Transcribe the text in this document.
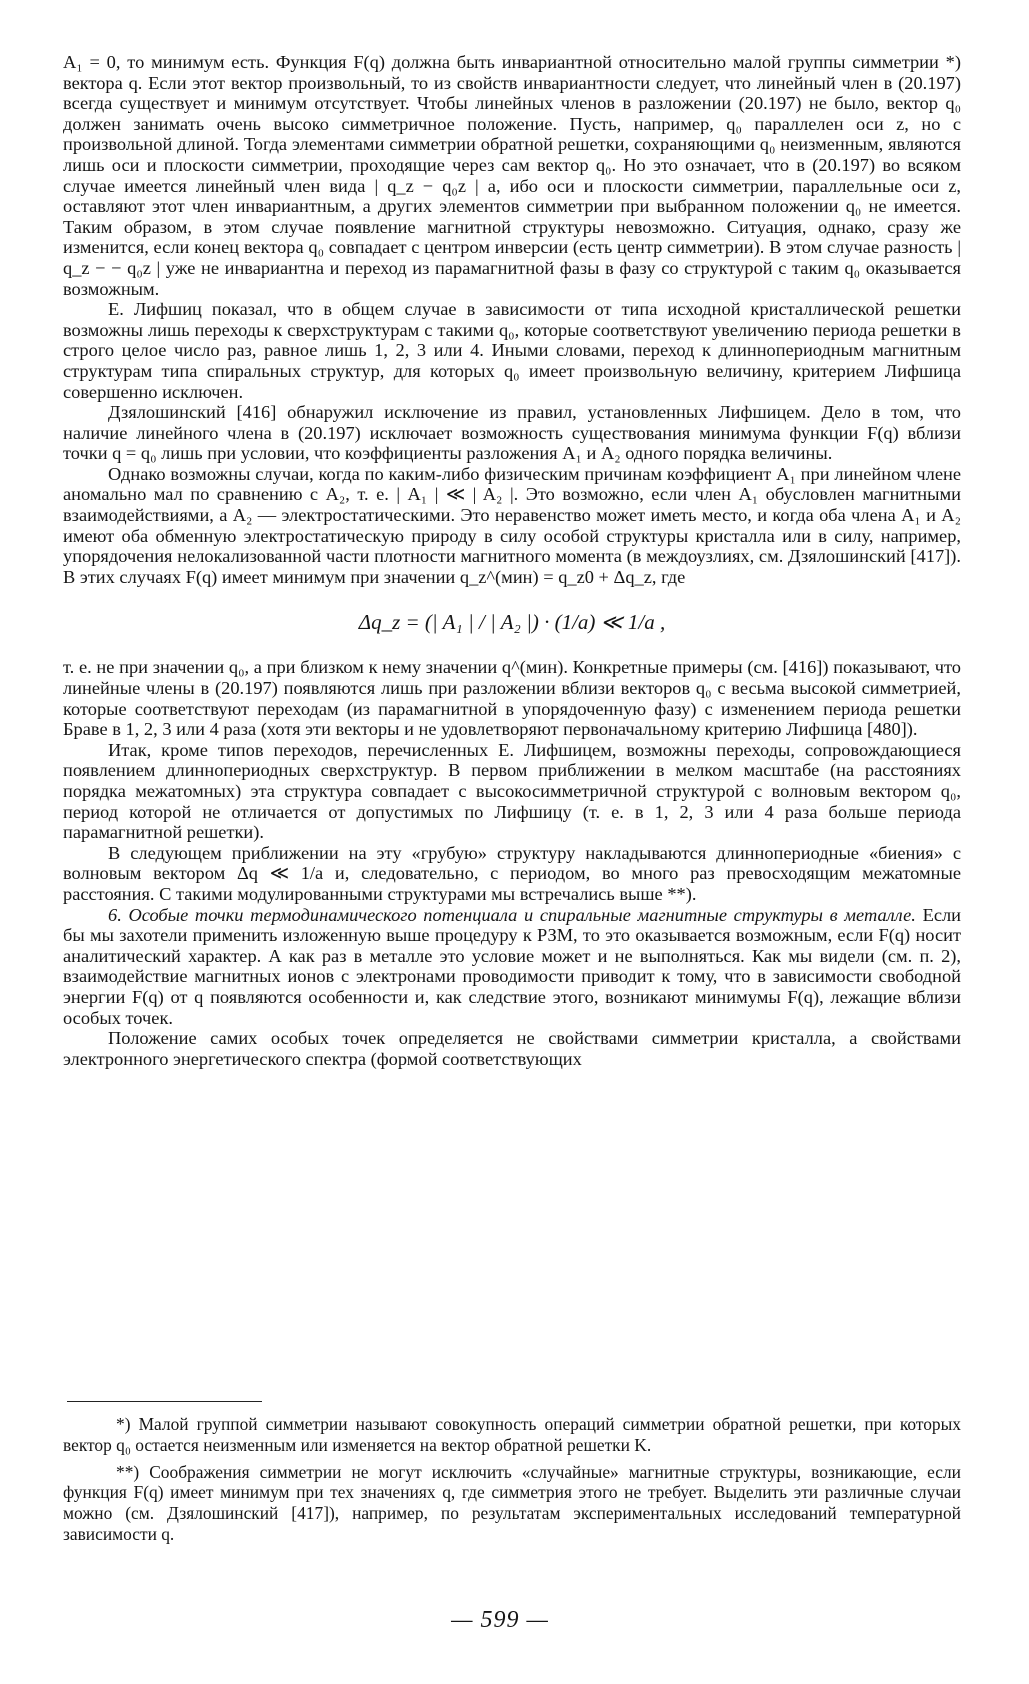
A₁ = 0, то минимум есть. Функция F(q) должна быть инвариантной относительно малой группы симметрии *) вектора q. Если этот вектор произвольный, то из свойств инвариантности следует, что линейный член в (20.197) всегда существует и минимум отсутствует. Чтобы линейных членов в разложении (20.197) не было, вектор q₀ должен занимать очень высоко симметричное положение. Пусть, например, q₀ параллелен оси z, но с произвольной длиной. Тогда элементами симметрии обратной решетки, сохраняющими q₀ неизменным, являются лишь оси и плоскости симметрии, проходящие через сам вектор q₀. Но это означает, что в (20.197) во всяком случае имеется линейный член вида | q_z − q₀z | a, ибо оси и плоскости симметрии, параллельные оси z, оставляют этот член инвариантным, а других элементов симметрии при выбранном положении q₀ не имеется. Таким образом, в этом случае появление магнитной структуры невозможно. Ситуация, однако, сразу же изменится, если конец вектора q₀ совпадает с центром инверсии (есть центр симметрии). В этом случае разность | q_z − − q₀z | уже не инвариантна и переход из парамагнитной фазы в фазу со структурой с таким q₀ оказывается возможным.

Е. Лифшиц показал, что в общем случае в зависимости от типа исходной кристаллической решетки возможны лишь переходы к сверхструктурам с такими q₀, которые соответствуют увеличению периода решетки в строго целое число раз, равное лишь 1, 2, 3 или 4. Иными словами, переход к длиннопериодным магнитным структурам типа спиральных структур, для которых q₀ имеет произвольную величину, критерием Лифшица совершенно исключен.

Дзялошинский [416] обнаружил исключение из правил, установленных Лифшицем. Дело в том, что наличие линейного члена в (20.197) исключает возможность существования минимума функции F(q) вблизи точки q = q₀ лишь при условии, что коэффициенты разложения A₁ и A₂ одного порядка величины.

Однако возможны случаи, когда по каким-либо физическим причинам коэффициент A₁ при линейном члене аномально мал по сравнению с A₂, т. е. | A₁ | ≪ | A₂ |. Это возможно, если член A₁ обусловлен магнитными взаимодействиями, а A₂ — электростатическими. Это неравенство может иметь место, и когда оба члена A₁ и A₂ имеют оба обменную электростатическую природу в силу особой структуры кристалла или в силу, например, упорядочения нелокализованной части плотности магнитного момента (в междоузлиях, см. Дзялошинский [417]). В этих случаях F(q) имеет минимум при значении q_z^(мин) = q_z0 + Δq_z, где

Δq_z = (| A₁ | / | A₂ |) · (1/a) ≪ 1/a ,

т. е. не при значении q₀, а при близком к нему значении q^(мин). Конкретные примеры (см. [416]) показывают, что линейные члены в (20.197) появляются лишь при разложении вблизи векторов q₀ с весьма высокой симметрией, которые соответствуют переходам (из парамагнитной в упорядоченную фазу) с изменением периода решетки Браве в 1, 2, 3 или 4 раза (хотя эти векторы и не удовлетворяют первоначальному критерию Лифшица [480]).

Итак, кроме типов переходов, перечисленных Е. Лифшицем, возможны переходы, сопровождающиеся появлением длиннопериодных сверхструктур. В первом приближении в мелком масштабе (на расстояниях порядка межатомных) эта структура совпадает с высокосимметричной структурой с волновым вектором q₀, период которой не отличается от допустимых по Лифшицу (т. е. в 1, 2, 3 или 4 раза больше периода парамагнитной решетки).

В следующем приближении на эту «грубую» структуру накладываются длиннопериодные «биения» с волновым вектором Δq ≪ 1/a и, следовательно, с периодом, во много раз превосходящим межатомные расстояния. С такими модулированными структурами мы встречались выше **).

6. Особые точки термодинамического потенциала и спиральные магнитные структуры в металле. Если бы мы захотели применить изложенную выше процедуру к РЗМ, то это оказывается возможным, если F(q) носит аналитический характер. А как раз в металле это условие может и не выполняться. Как мы видели (см. п. 2), взаимодействие магнитных ионов с электронами проводимости приводит к тому, что в зависимости свободной энергии F(q) от q появляются особенности и, как следствие этого, возникают минимумы F(q), лежащие вблизи особых точек.

Положение самих особых точек определяется не свойствами симметрии кристалла, а свойствами электронного энергетического спектра (формой соответствующих

*) Малой группой симметрии называют совокупность операций симметрии обратной решетки, при которых вектор q₀ остается неизменным или изменяется на вектор обратной решетки K.

**) Соображения симметрии не могут исключить «случайные» магнитные структуры, возникающие, если функция F(q) имеет минимум при тех значениях q, где симметрия этого не требует. Выделить эти различные случаи можно (см. Дзялошинский [417]), например, по результатам экспериментальных исследований температурной зависимости q.

— 599 —
